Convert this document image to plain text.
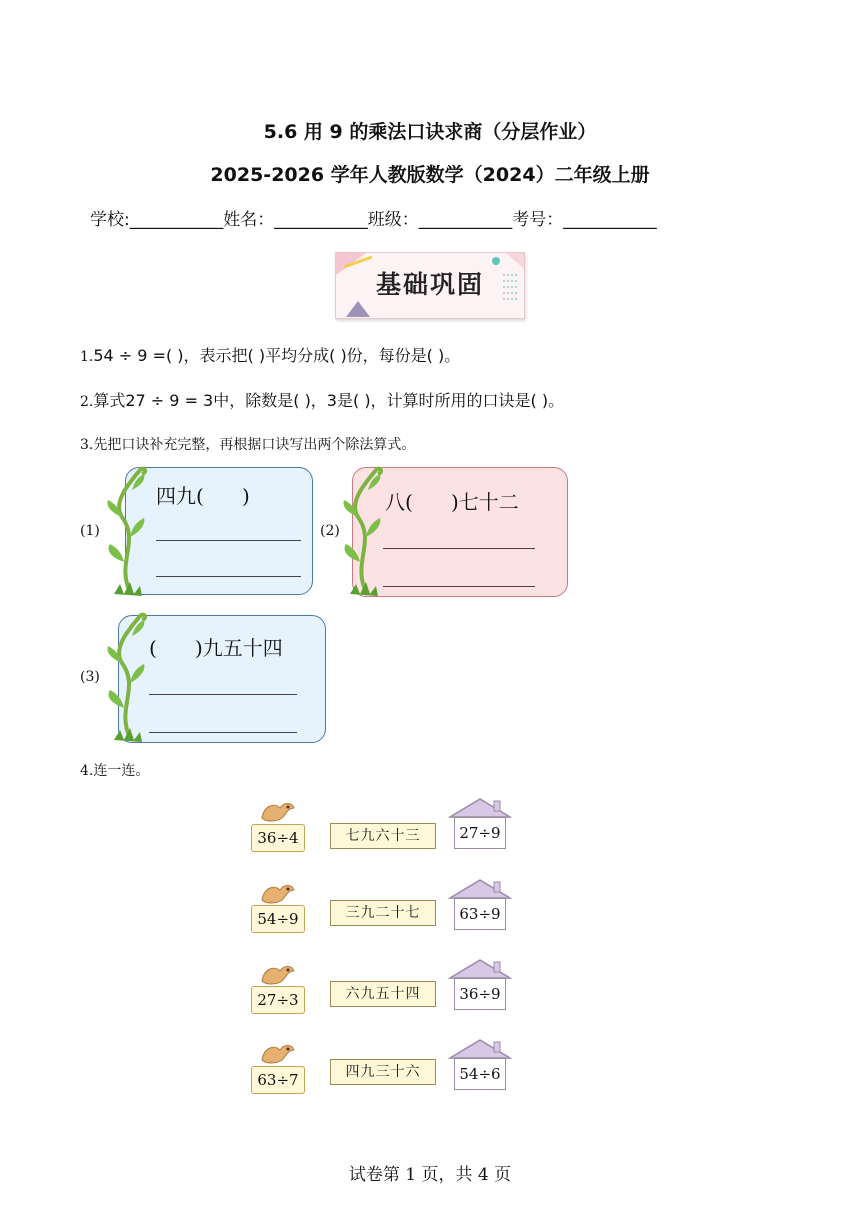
5.6 用 9 的乘法口诀求商（分层作业）
2025-2026 学年人教版数学（2024）二年级上册
学校:___________姓名：___________班级：___________考号：___________
基础巩固
1.54 ÷ 9 =( )，表示把( )平均分成( )份，每份是( )。
2.算式27 ÷ 9 = 3中，除数是( )，3是( )，计算时所用的口诀是( )。
3.先把口诀补充完整，再根据口诀写出两个除法算式。
(1)
四九(      )
(2)
八(      )七十二
(3)
(      )九五十四
4.连一连。
36÷4	七九六十三	27÷9
54÷9	三九二十七	63÷9
27÷3	六九五十四	36÷9
63÷7	四九三十六	54÷6
试卷第 1 页，共 4 页
